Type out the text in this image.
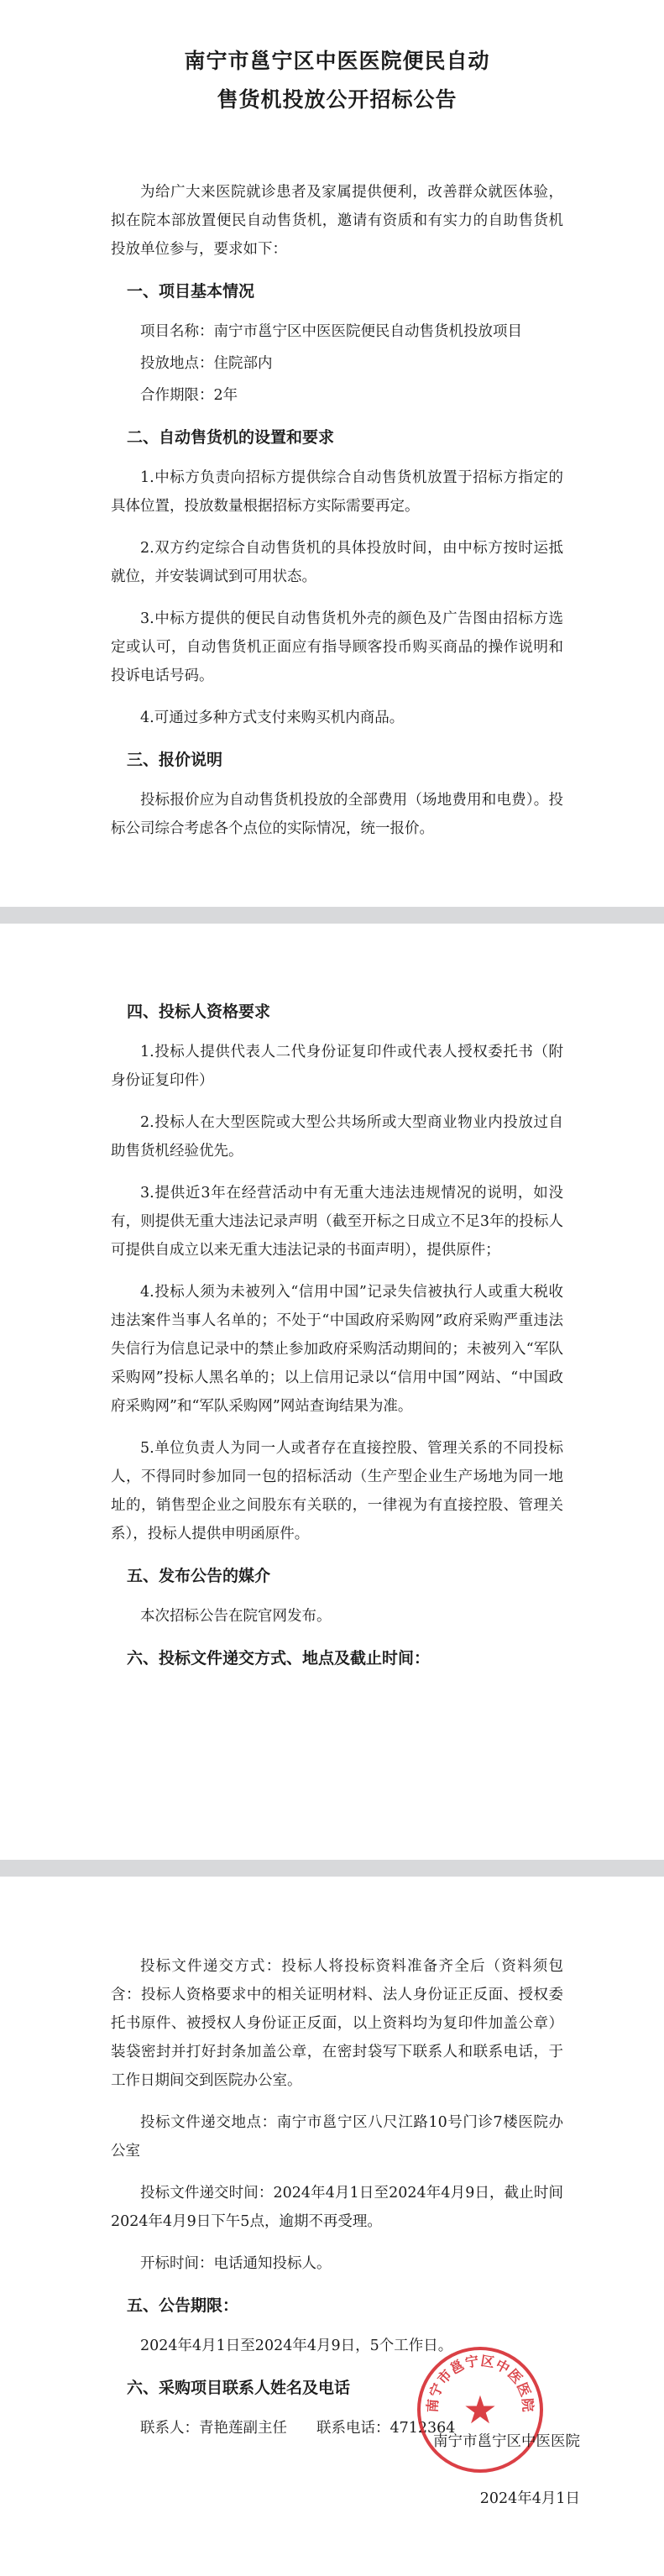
南宁市邕宁区中医医院便民自动
售货机投放公开招标公告

为给广大来医院就诊患者及家属提供便利，改善群众就医体验，拟在院本部放置便民自动售货机，邀请有资质和有实力的自助售货机投放单位参与，要求如下：

一、项目基本情况

项目名称：南宁市邕宁区中医医院便民自动售货机投放项目

投放地点：住院部内

合作期限：2年

二、自动售货机的设置和要求

1.中标方负责向招标方提供综合自动售货机放置于招标方指定的具体位置，投放数量根据招标方实际需要再定。

2.双方约定综合自动售货机的具体投放时间，由中标方按时运抵就位，并安装调试到可用状态。

3.中标方提供的便民自动售货机外壳的颜色及广告图由招标方选定或认可，自动售货机正面应有指导顾客投币购买商品的操作说明和投诉电话号码。

4.可通过多种方式支付来购买机内商品。

三、报价说明

投标报价应为自动售货机投放的全部费用（场地费用和电费）。投标公司综合考虑各个点位的实际情况，统一报价。

四、投标人资格要求

1.投标人提供代表人二代身份证复印件或代表人授权委托书（附身份证复印件）

2.投标人在大型医院或大型公共场所或大型商业物业内投放过自助售货机经验优先。

3.提供近3年在经营活动中有无重大违法违规情况的说明，如没有，则提供无重大违法记录声明（截至开标之日成立不足3年的投标人可提供自成立以来无重大违法记录的书面声明），提供原件；

4.投标人须为未被列入“信用中国”记录失信被执行人或重大税收违法案件当事人名单的；不处于“中国政府采购网”政府采购严重违法失信行为信息记录中的禁止参加政府采购活动期间的；未被列入“军队采购网”投标人黑名单的；以上信用记录以“信用中国”网站、“中国政府采购网”和“军队采购网”网站查询结果为准。

5.单位负责人为同一人或者存在直接控股、管理关系的不同投标人，不得同时参加同一包的招标活动（生产型企业生产场地为同一地址的，销售型企业之间股东有关联的，一律视为有直接控股、管理关系），投标人提供申明函原件。

五、发布公告的媒介

本次招标公告在院官网发布。

六、投标文件递交方式、地点及截止时间：

投标文件递交方式：投标人将投标资料准备齐全后（资料须包含：投标人资格要求中的相关证明材料、法人身份证正反面、授权委托书原件、被授权人身份证正反面，以上资料均为复印件加盖公章）装袋密封并打好封条加盖公章，在密封袋写下联系人和联系电话，于工作日期间交到医院办公室。

投标文件递交地点：南宁市邕宁区八尺江路10号门诊7楼医院办公室

投标文件递交时间：2024年4月1日至2024年4月9日，截止时间2024年4月9日下午5点，逾期不再受理。

开标时间：电话通知投标人。

五、公告期限：

2024年4月1日至2024年4月9日，5个工作日。

六、采购项目联系人姓名及电话

联系人：青艳莲副主任　　联系电话：4712364

南宁市邕宁区中医医院
★
南宁市邕宁区中医医院
2024年4月1日
